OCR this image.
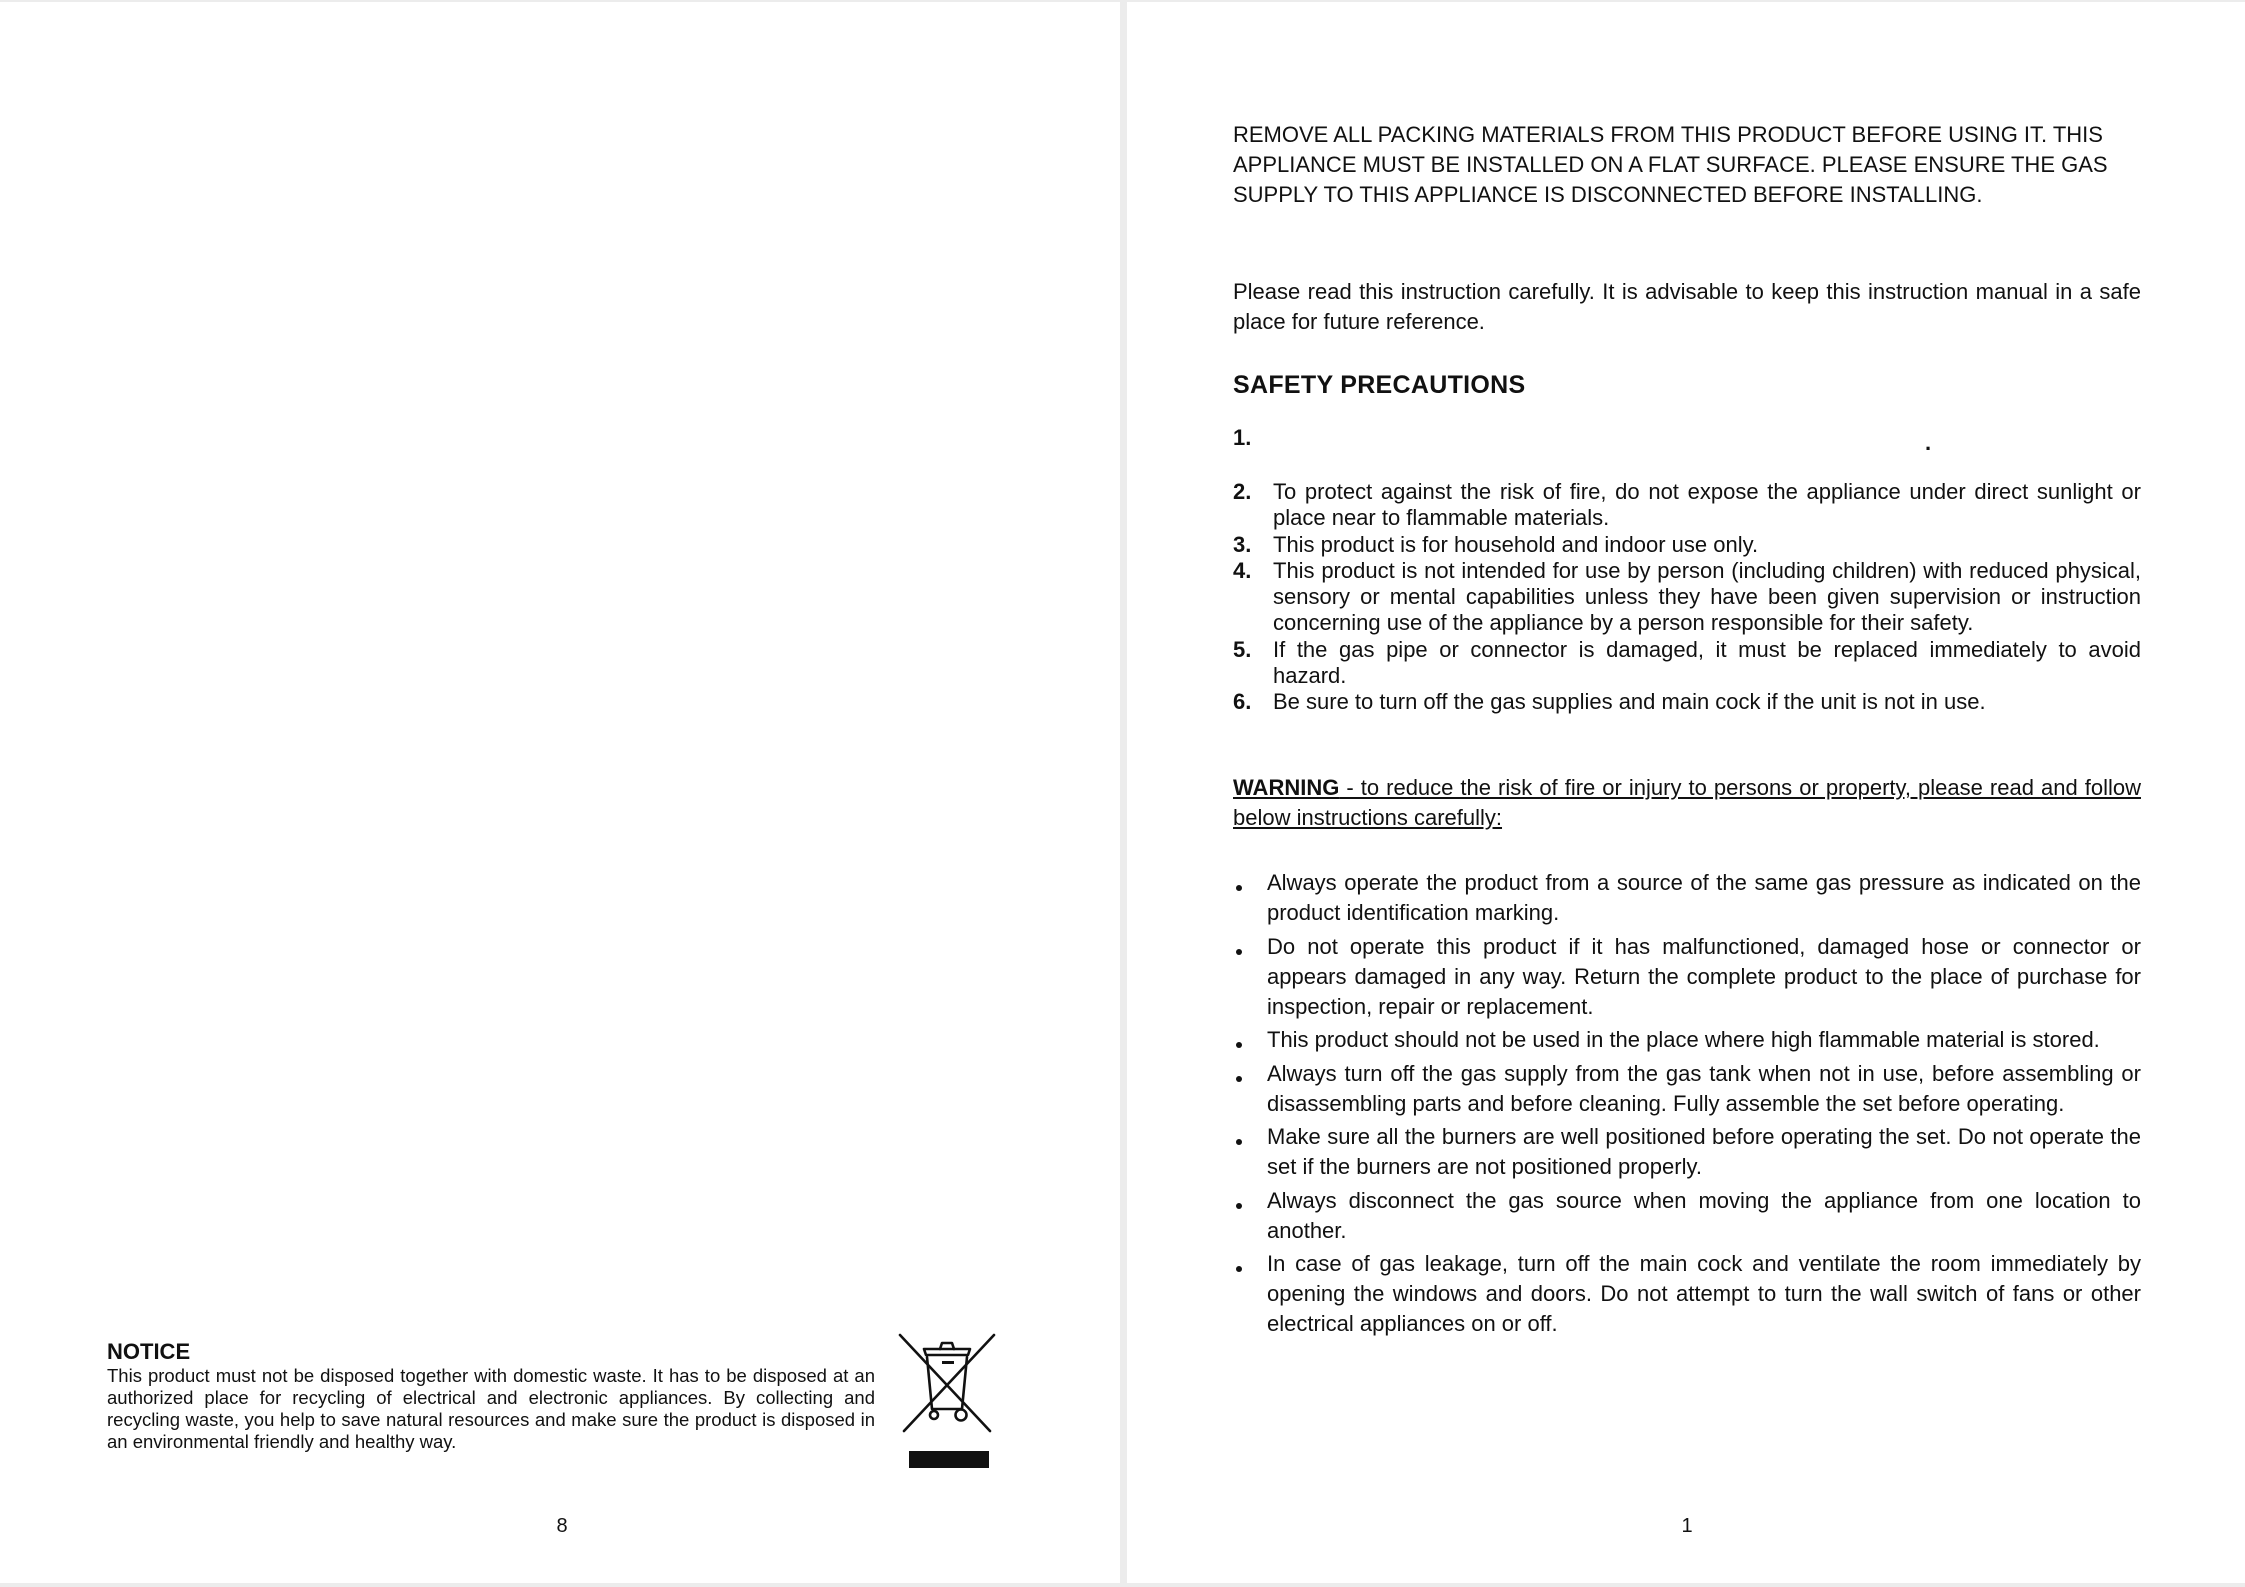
NOTICE
This product must not be disposed together with domestic waste. It has to be disposed at an authorized place for recycling of electrical and electronic appliances. By collecting and recycling waste, you help to save natural resources and make sure the product is disposed in an environmental friendly and healthy way.
8
REMOVE ALL PACKING MATERIALS FROM THIS PRODUCT BEFORE USING IT. THIS APPLIANCE MUST BE INSTALLED ON A FLAT SURFACE. PLEASE ENSURE THE GAS SUPPLY TO THIS APPLIANCE IS DISCONNECTED BEFORE INSTALLING.
Please read this instruction carefully. It is advisable to keep this instruction manual in a safe place for future reference.
SAFETY PRECAUTIONS
1.	.
2. To protect against the risk of fire, do not expose the appliance under direct sunlight or place near to flammable materials.
3. This product is for household and indoor use only.
4. This product is not intended for use by person (including children) with reduced physical, sensory or mental capabilities unless they have been given supervision or instruction concerning use of the appliance by a person responsible for their safety.
5. If the gas pipe or connector is damaged, it must be replaced immediately to avoid hazard.
6. Be sure to turn off the gas supplies and main cock if the unit is not in use.
WARNING - to reduce the risk of fire or injury to persons or property, please read and follow below instructions carefully:
Always operate the product from a source of the same gas pressure as indicated on the product identification marking.
Do not operate this product if it has malfunctioned, damaged hose or connector or appears damaged in any way. Return the complete product to the place of purchase for inspection, repair or replacement.
This product should not be used in the place where high flammable material is stored.
Always turn off the gas supply from the gas tank when not in use, before assembling or disassembling parts and before cleaning. Fully assemble the set before operating.
Make sure all the burners are well positioned before operating the set. Do not operate the set if the burners are not positioned properly.
Always disconnect the gas source when moving the appliance from one location to another.
In case of gas leakage, turn off the main cock and ventilate the room immediately by opening the windows and doors. Do not attempt to turn the wall switch of fans or other electrical appliances on or off.
1
